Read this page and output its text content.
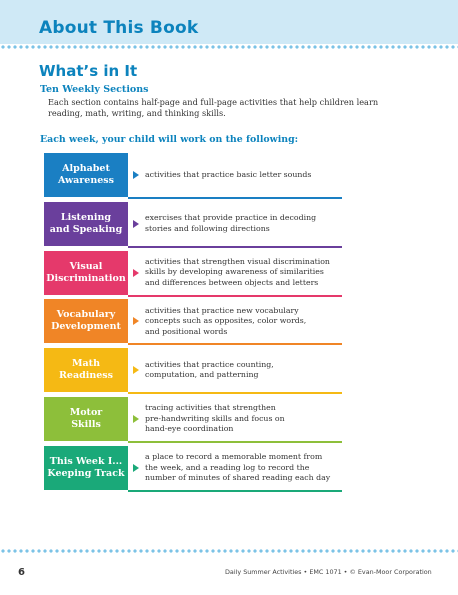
About This Book
What’s in It
Ten Weekly Sections
Each section contains half-page and full-page activities that help children learn reading, math, writing, and thinking skills.
Each week, your child will work on the following:
Alphabet
Awareness
activities that practice basic letter sounds
Listening
and Speaking
exercises that provide practice in decoding
stories and following directions
Visual
Discrimination
activities that strengthen visual discrimination
skills by developing awareness of similarities
and differences between objects and letters
Vocabulary
Development
activities that practice new vocabulary
concepts such as opposites, color words,
and positional words
Math
Readiness
activities that practice counting,
computation, and patterning
Motor
Skills
tracing activities that strengthen
pre-handwriting skills and focus on
hand-eye coordination
This Week I...
Keeping Track
a place to record a memorable moment from
the week, and a reading log to record the
number of minutes of shared reading each day
6	Daily Summer Activities • EMC 1071 • © Evan-Moor Corporation
